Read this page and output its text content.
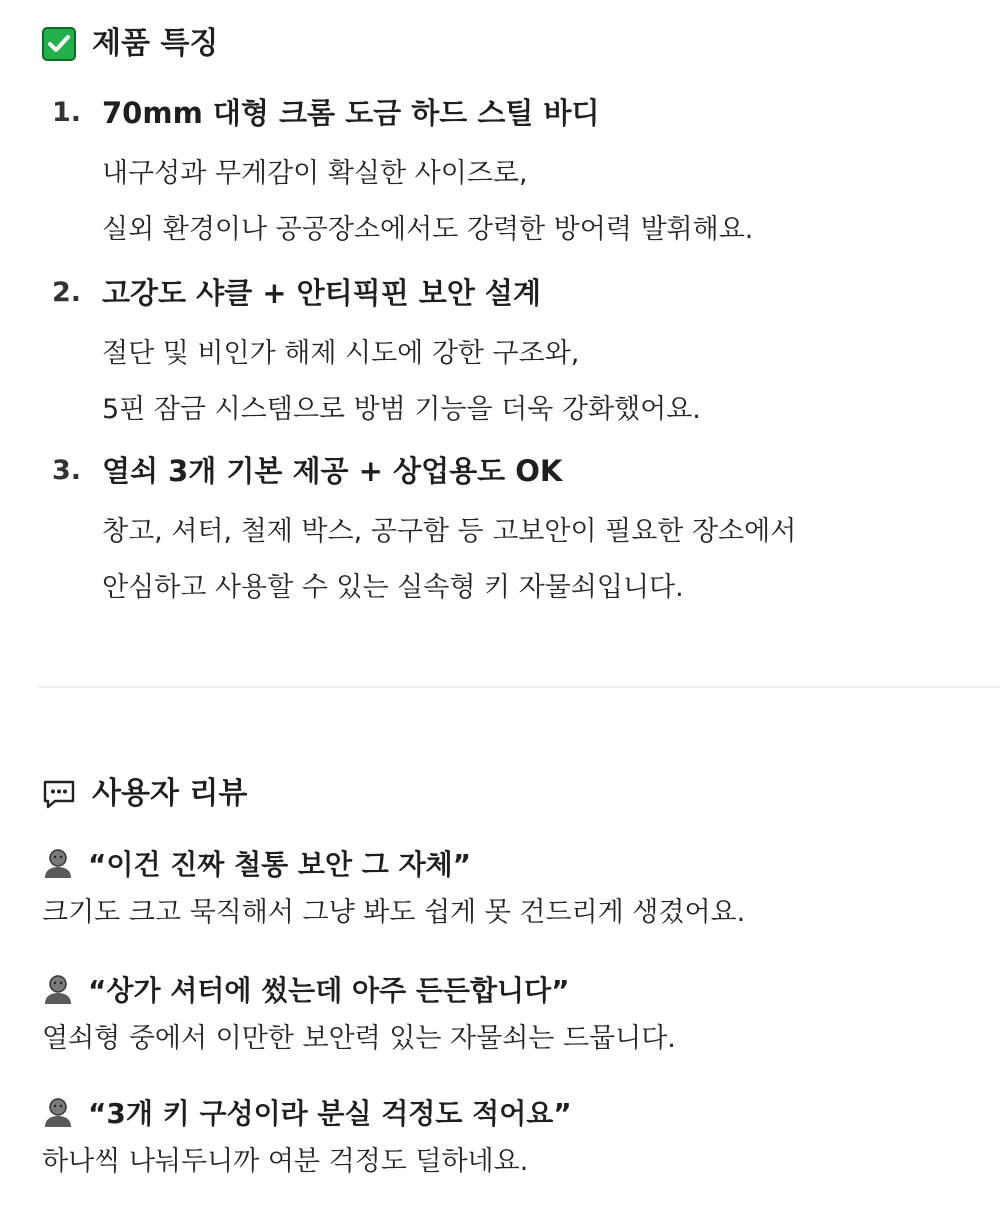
제품 특징
1. 70mm 대형 크롬 도금 하드 스틸 바디
내구성과 무게감이 확실한 사이즈로,
실외 환경이나 공공장소에서도 강력한 방어력 발휘해요.
2. 고강도 샤클 + 안티픽핀 보안 설계
절단 및 비인가 해제 시도에 강한 구조와,
5핀 잠금 시스템으로 방범 기능을 더욱 강화했어요.
3. 열쇠 3개 기본 제공 + 상업용도 OK
창고, 셔터, 철제 박스, 공구함 등 고보안이 필요한 장소에서
안심하고 사용할 수 있는 실속형 키 자물쇠입니다.
사용자 리뷰
“이건 진짜 철통 보안 그 자체”
크기도 크고 묵직해서 그냥 봐도 쉽게 못 건드리게 생겼어요.
“상가 셔터에 썼는데 아주 든든합니다”
열쇠형 중에서 이만한 보안력 있는 자물쇠는 드뭅니다.
“3개 키 구성이라 분실 걱정도 적어요”
하나씩 나눠두니까 여분 걱정도 덜하네요.
